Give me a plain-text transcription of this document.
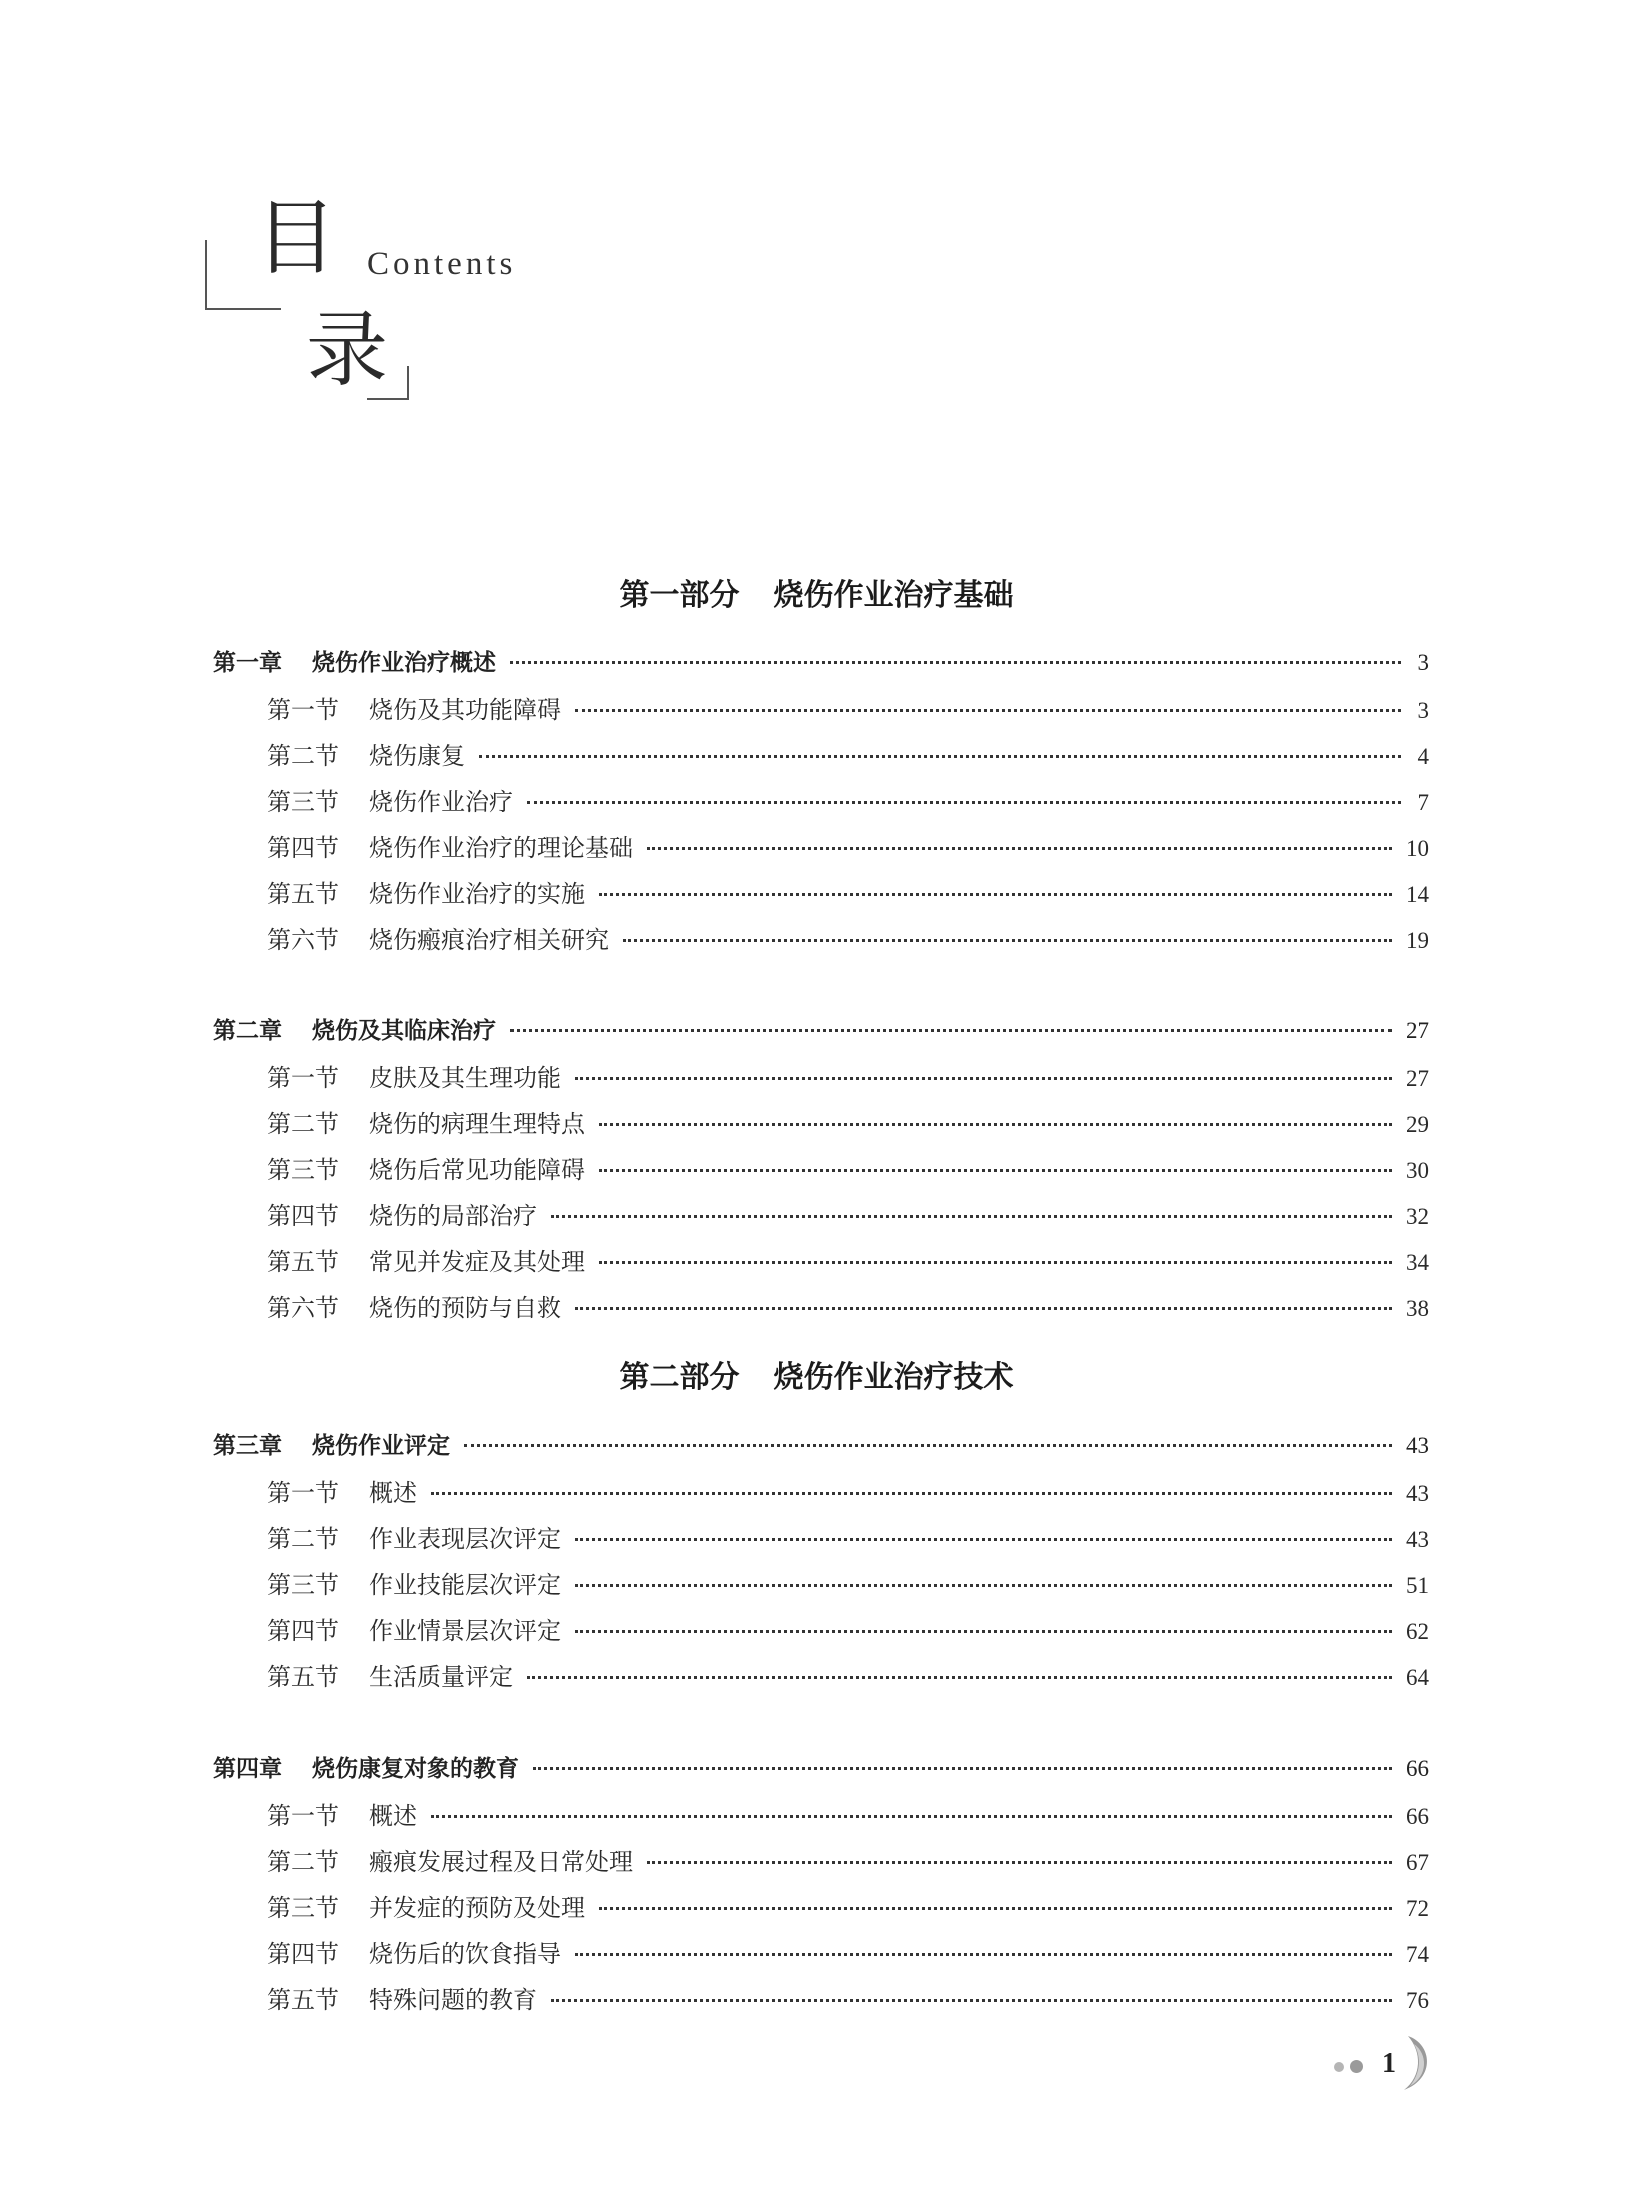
目 Contents
录
第一部分 烧伤作业治疗基础
第一章 烧伤作业治疗概述	3
第一节 烧伤及其功能障碍	3
第二节 烧伤康复	4
第三节 烧伤作业治疗	7
第四节 烧伤作业治疗的理论基础	10
第五节 烧伤作业治疗的实施	14
第六节 烧伤瘢痕治疗相关研究	19
第二章 烧伤及其临床治疗	27
第一节 皮肤及其生理功能	27
第二节 烧伤的病理生理特点	29
第三节 烧伤后常见功能障碍	30
第四节 烧伤的局部治疗	32
第五节 常见并发症及其处理	34
第六节 烧伤的预防与自救	38
第二部分 烧伤作业治疗技术
第三章 烧伤作业评定	43
第一节 概述	43
第二节 作业表现层次评定	43
第三节 作业技能层次评定	51
第四节 作业情景层次评定	62
第五节 生活质量评定	64
第四章 烧伤康复对象的教育	66
第一节 概述	66
第二节 瘢痕发展过程及日常处理	67
第三节 并发症的预防及处理	72
第四节 烧伤后的饮食指导	74
第五节 特殊问题的教育	76
1
